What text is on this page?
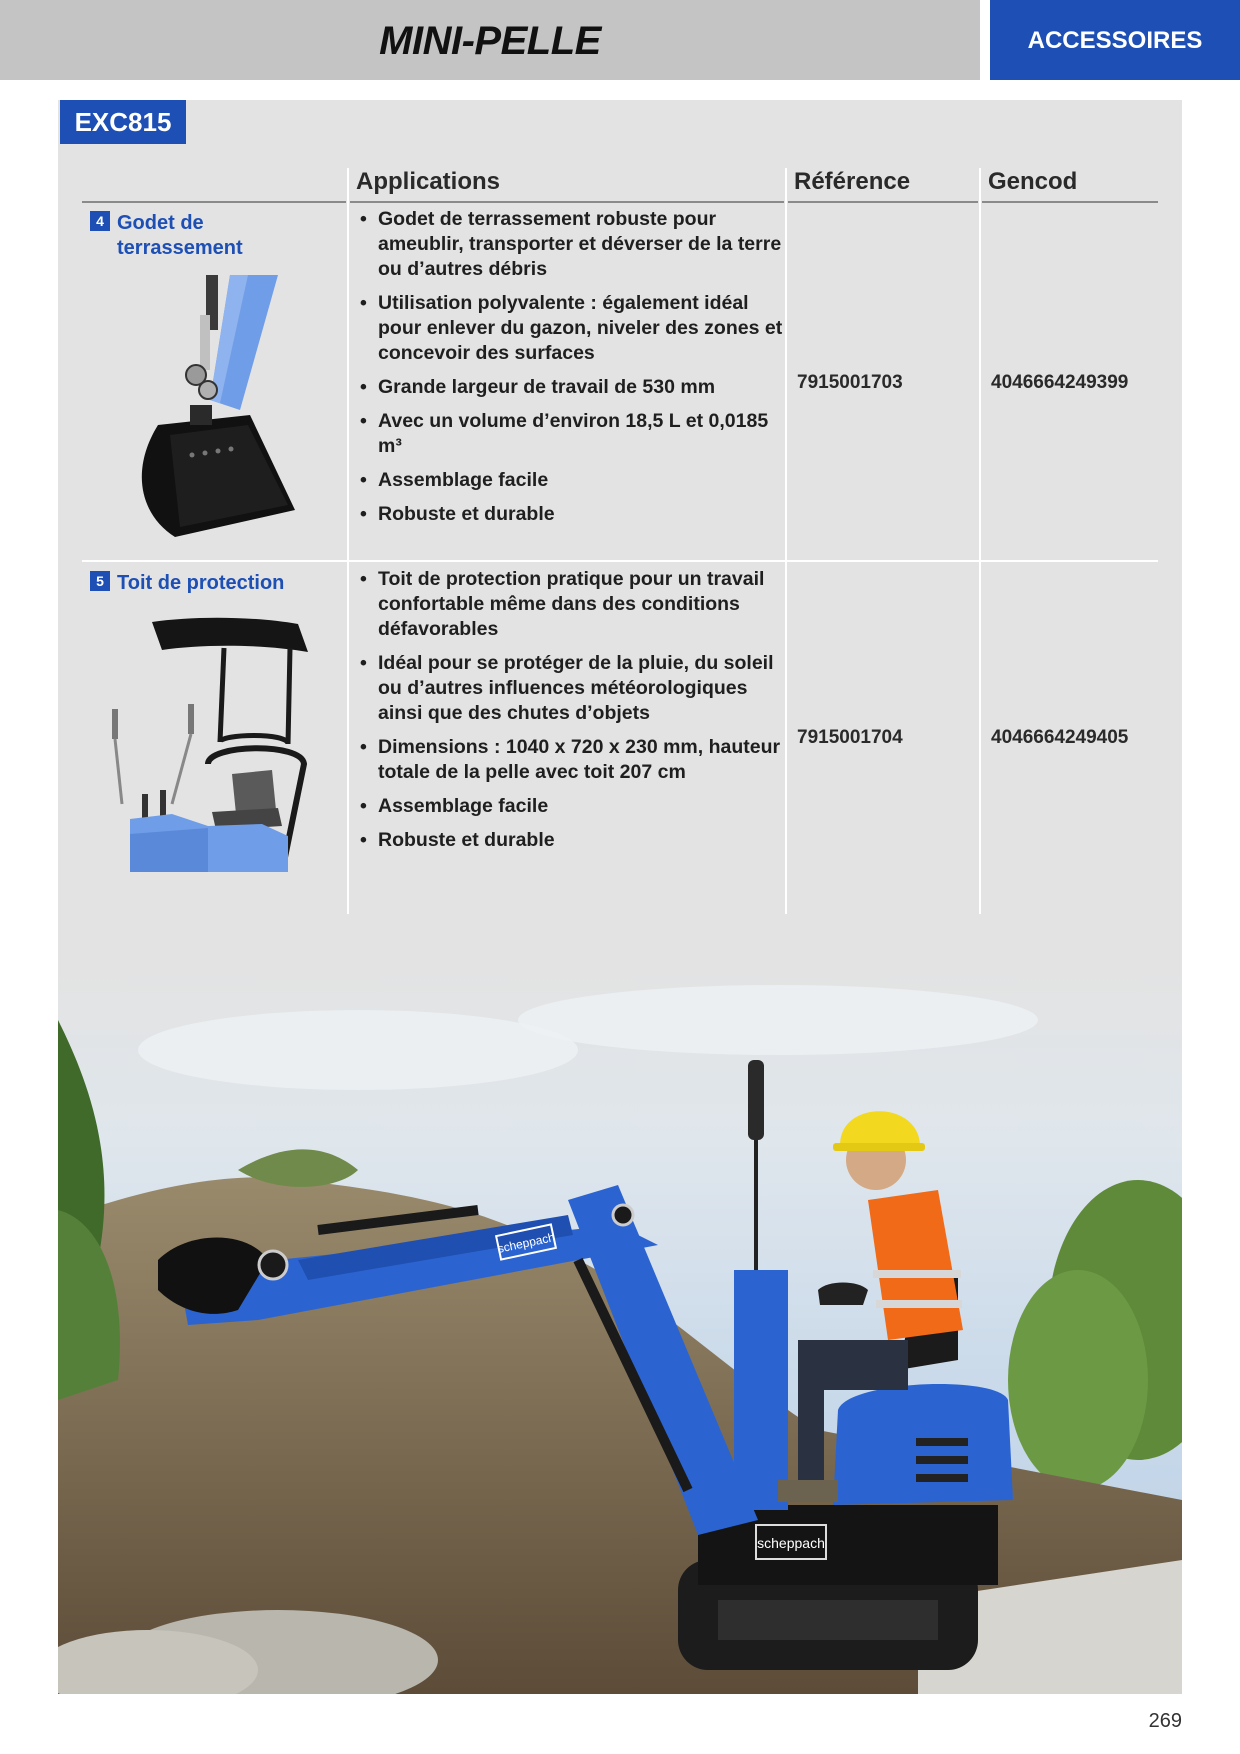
MINI-PELLE	ACCESSOIRES
EXC815
Applications	Référence	Gencod
4 Godet de terrassement
• Godet de terrassement robuste pour ameublir, transporter et déverser de la terre ou d’autres débris
• Utilisation polyvalente : également idéal pour enlever du gazon, niveler des zones et concevoir des surfaces
• Grande largeur de travail de 530 mm
• Avec un volume d’environ 18,5 L et 0,0185 m³
• Assemblage facile
• Robuste et durable
7915001703	4046664249399
5 Toit de protection
•	Toit de protection pratique pour un travail confortable même dans des conditions défavorables
• Idéal pour se protéger de la pluie, du soleil ou d’autres influences météorologiques ainsi que des chutes d’objets
• Dimensions : 1040 x 720 x 230 mm, hauteur totale de la pelle avec toit 207 cm
• Assemblage facile
• Robuste et durable
7915001704	4046664249405
scheppach
scheppach
269
